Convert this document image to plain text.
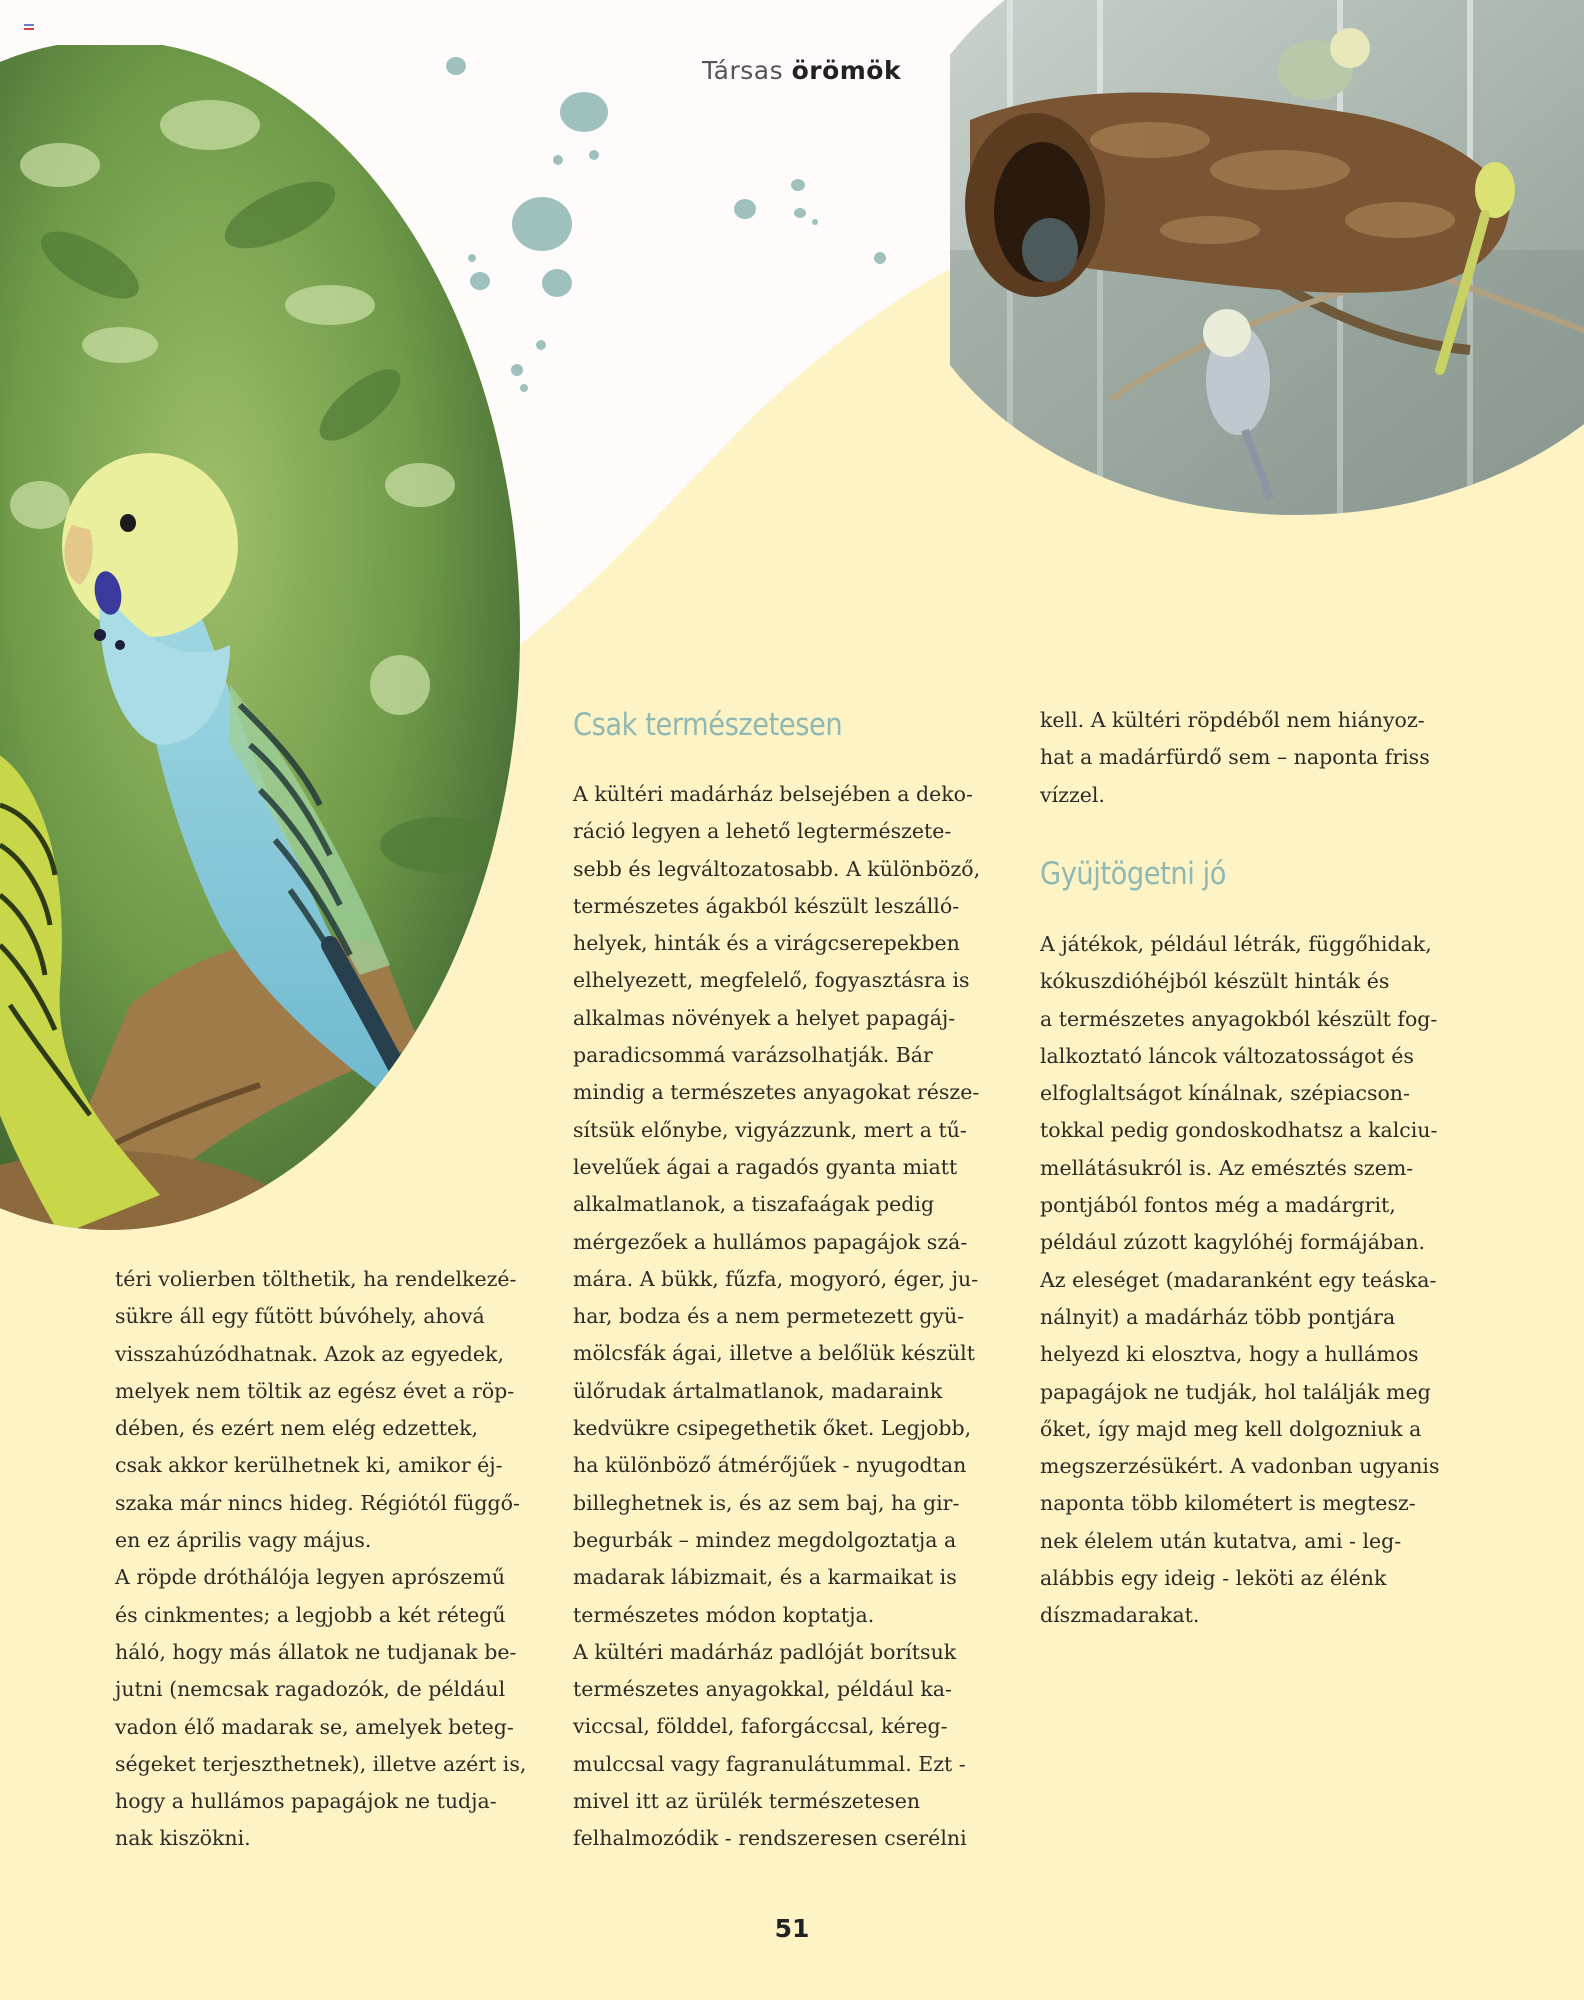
Társas örömök

téri volierben tölthetik, ha rendelkezé-

sükre áll egy fűtött búvóhely, ahová

visszahúzódhatnak. Azok az egyedek,

melyek nem töltik az egész évet a röp-

dében, és ezért nem elég edzettek,

csak akkor kerülhetnek ki, amikor éj-

szaka már nincs hideg. Régiótól függő-

en ez április vagy május.

A röpde dróthálója legyen aprószemű

és cinkmentes; a legjobb a két rétegű

háló, hogy más állatok ne tudjanak be-

jutni (nemcsak ragadozók, de például

vadon élő madarak se, amelyek beteg-

ségeket terjeszthetnek), illetve azért is,

hogy a hullámos papagájok ne tudja-

nak kiszökni.

Csak természetesen

A kültéri madárház belsejében a deko-

ráció legyen a lehető legtermészete-

sebb és legváltozatosabb. A különböző,

természetes ágakból készült leszálló-

helyek, hinták és a virágcserepekben

elhelyezett, megfelelő, fogyasztásra is

alkalmas növények a helyet papagáj-

paradicsommá varázsolhatják. Bár

mindig a természetes anyagokat része-

sítsük előnybe, vigyázzunk, mert a tű-

levelűek ágai a ragadós gyanta miatt

alkalmatlanok, a tiszafaágak pedig

mérgezőek a hullámos papagájok szá-

mára. A bükk, fűzfa, mogyoró, éger, ju-

har, bodza és a nem permetezett gyü-

mölcsfák ágai, illetve a belőlük készült

ülőrudak ártalmatlanok, madaraink

kedvükre csipegethetik őket. Legjobb,

ha különböző átmérőjűek - nyugodtan

billeghetnek is, és az sem baj, ha gir-

begurbák – mindez megdolgoztatja a

madarak lábizmait, és a karmaikat is

természetes módon koptatja.

A kültéri madárház padlóját borítsuk

természetes anyagokkal, például ka-

viccsal, földdel, faforgáccsal, kéreg-

mulccsal vagy fagranulátummal. Ezt -

mivel itt az ürülék természetesen

felhalmozódik - rendszeresen cserélni

kell. A kültéri röpdéből nem hiányoz-

hat a madárfürdő sem – naponta friss

vízzel.

Gyüjtögetni jó

A játékok, például létrák, függőhidak,

kókuszdióhéjból készült hinták és

a természetes anyagokból készült fog-

lalkoztató láncok változatosságot és

elfoglaltságot kínálnak, szépiacson-

tokkal pedig gondoskodhatsz a kalciu-

mellátásukról is. Az emésztés szem-

pontjából fontos még a madárgrit,

például zúzott kagylóhéj formájában.

Az eleséget (madaranként egy teáska-

nálnyit) a madárház több pontjára

helyezd ki elosztva, hogy a hullámos

papagájok ne tudják, hol találják meg

őket, így majd meg kell dolgozniuk a

megszerzésükért. A vadonban ugyanis

naponta több kilométert is megtesz-

nek élelem után kutatva, ami - leg-

alábbis egy ideig - leköti az élénk

díszmadarakat.

51
